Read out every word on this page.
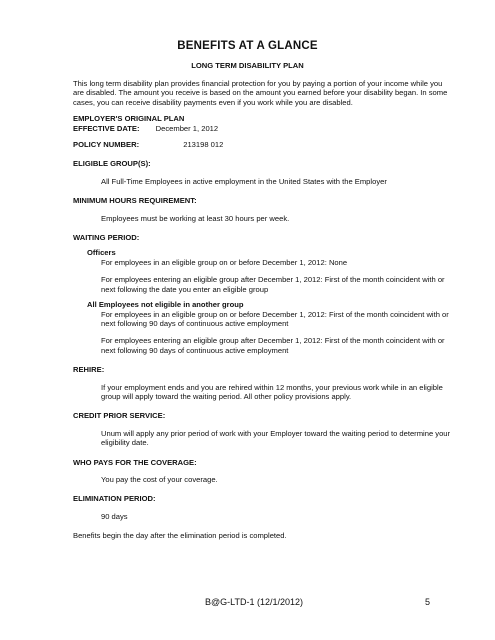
BENEFITS AT A GLANCE
LONG TERM DISABILITY PLAN

This long term disability plan provides financial protection for you by paying a portion of your income while you are disabled. The amount you receive is based on the amount you earned before your disability began. In some cases, you can receive disability payments even if you work while you are disabled.

EMPLOYER'S ORIGINAL PLAN

EFFECTIVE DATE: December 1, 2012

POLICY NUMBER:	213198 012

ELIGIBLE GROUP(S):

All Full-Time Employees in active employment in the United States with the Employer

MINIMUM HOURS REQUIREMENT:

Employees must be working at least 30 hours per week.

WAITING PERIOD:

Officers

For employees in an eligible group on or before December 1, 2012: None

For employees entering an eligible group after December 1, 2012: First of the month coincident with or next following the date you enter an eligible group

All Employees not eligible in another group

For employees in an eligible group on or before December 1, 2012: First of the month coincident with or next following 90 days of continuous active employment

For employees entering an eligible group after December 1, 2012: First of the month coincident with or next following 90 days of continuous active employment

REHIRE:

If your employment ends and you are rehired within 12 months, your previous work while in an eligible group will apply toward the waiting period. All other policy provisions apply.

CREDIT PRIOR SERVICE:

Unum will apply any prior period of work with your Employer toward the waiting period to determine your eligibility date.

WHO PAYS FOR THE COVERAGE:

You pay the cost of your coverage.

ELIMINATION PERIOD:

90 days

Benefits begin the day after the elimination period is completed.

B@G-LTD-1 (12/1/2012)	5
